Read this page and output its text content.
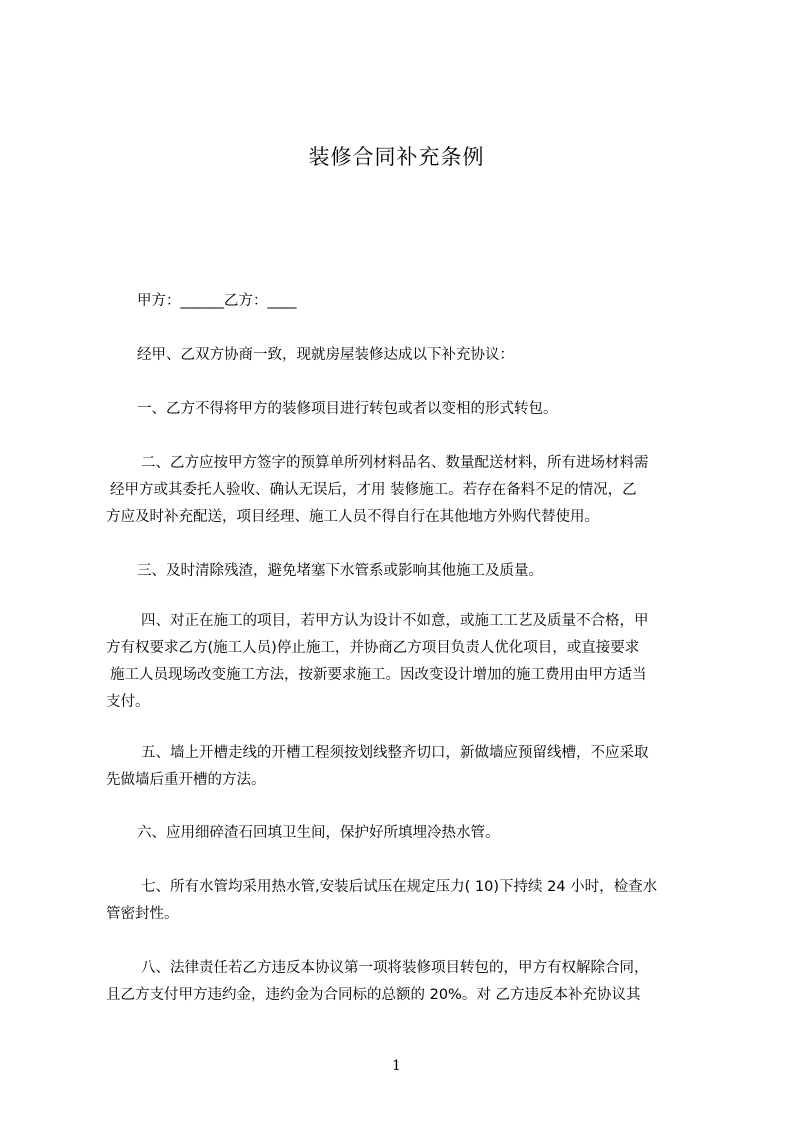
装修合同补充条例

甲方：______乙方：____

经甲、乙双方协商一致，现就房屋装修达成以下补充协议：

一、乙方不得将甲方的装修项目进行转包或者以变相的形式转包。

二、乙方应按甲方签字的预算单所列材料品名、数量配送材料，所有进场材料需

经甲方或其委托人验收、确认无误后，才用 装修施工。若存在备料不足的情况，乙

方应及时补充配送，项目经理、施工人员不得自行在其他地方外购代替使用。

三、及时清除残渣，避免堵塞下水管系或影响其他施工及质量。

四、对正在施工的项目，若甲方认为设计不如意，或施工工艺及质量不合格，甲

方有权要求乙方(施工人员)停止施工，并协商乙方项目负责人优化项目，或直接要求

施工人员现场改变施工方法，按新要求施工。因改变设计增加的施工费用由甲方适当

支付。

五、墙上开槽走线的开槽工程须按划线整齐切口，新做墙应预留线槽，不应采取

先做墙后重开槽的方法。

六、应用细碎渣石回填卫生间，保护好所填埋冷热水管。

七、所有水管均采用热水管,安装后试压在规定压力( 10)下持续 24 小时，检查水

管密封性。

八、法律责任若乙方违反本协议第一项将装修项目转包的，甲方有权解除合同，

且乙方支付甲方违约金，违约金为合同标的总额的 20%。对 乙方违反本补充协议其

1
